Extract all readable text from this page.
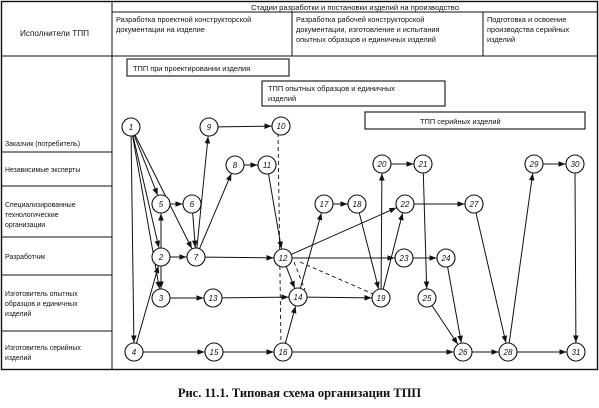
Исполнители ТПП
Стадии разработки и постановки изделий на производство
Разработка проектной конструкторской
документации на изделие
Разработка рабочей конструкторской
документации, изготовление и испытания
опытных образцов и единичных изделий
Подготовка и освоение
производства серийных
изделий
Заказчик (потребитель)
Независимые эксперты
Специализированные
технологические
организации
Разработчик
Изготовитель опытных
образцов и единичных
изделий
Изготовитель серийных
изделий
ТПП при проектировании изделия
ТПП опытных образцов и единичных
изделий
ТПП серийных изделий
1
2
3
4
5	6
7
8
9	10
11
12
13	14
15	16
17	18
19
20	21
22
23	24
25
26
27
28
29	30
31
Рис. 11.1. Типовая схема организации ТПП
